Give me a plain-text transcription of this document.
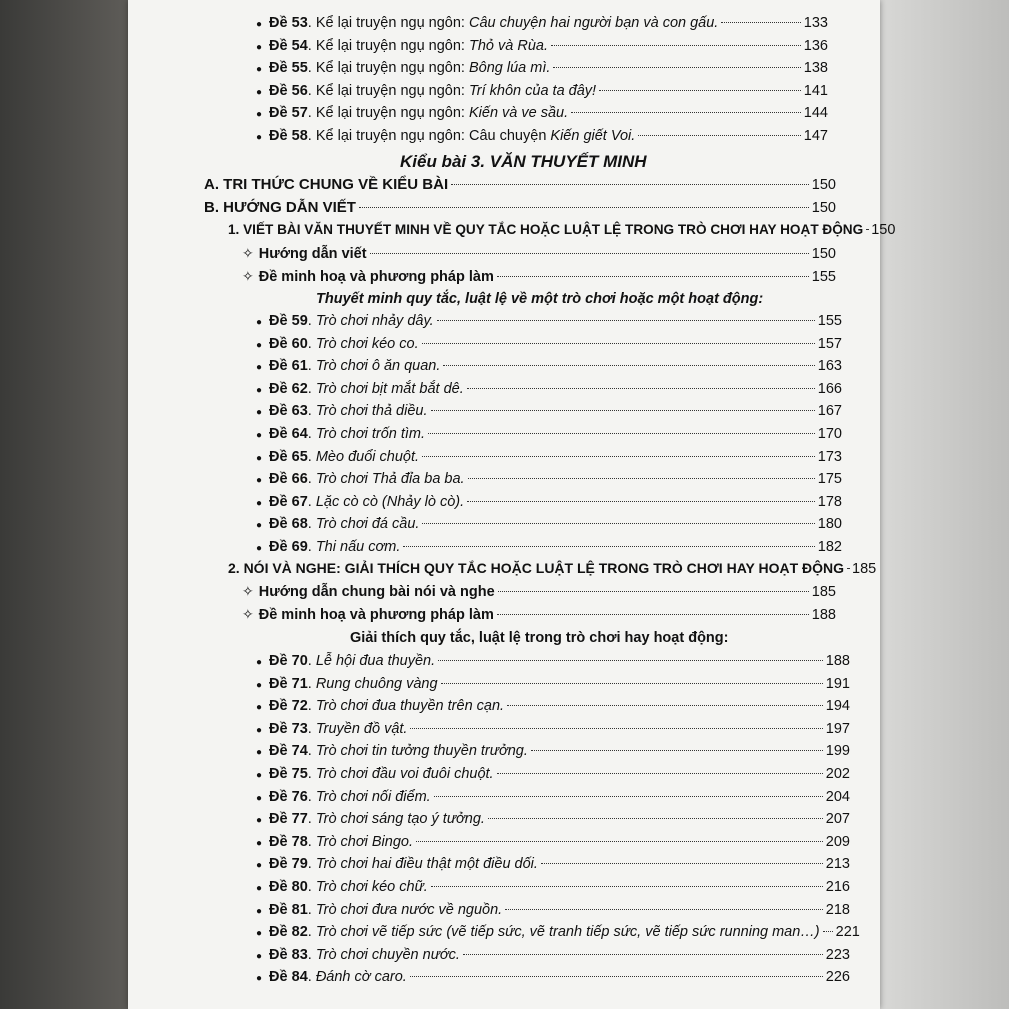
● Đề 53. Kể lại truyện ngụ ngôn: Câu chuyện hai người bạn và con gấu.	133
● Đề 54. Kể lại truyện ngụ ngôn: Thỏ và Rùa.	136
● Đề 55. Kể lại truyện ngụ ngôn: Bông lúa mì.	138
● Đề 56. Kể lại truyện ngụ ngôn: Trí khôn của ta đây!	141
● Đề 57. Kể lại truyện ngụ ngôn: Kiến và ve sầu.	144
● Đề 58. Kể lại truyện ngụ ngôn: Câu chuyện Kiến giết Voi.	147
Kiểu bài 3. VĂN THUYẾT MINH
A. TRI THỨC CHUNG VỀ KIỂU BÀI	150
B. HƯỚNG DẪN VIẾT	150
1. VIẾT BÀI VĂN THUYẾT MINH VỀ QUY TẮC HOẶC LUẬT LỆ TRONG TRÒ CHƠI HAY HOẠT ĐỘNG 150
✧ Hướng dẫn viết	150
✧ Đề minh hoạ và phương pháp làm	155
Thuyết minh quy tắc, luật lệ về một trò chơi hoặc một hoạt động:
● Đề 59. Trò chơi nhảy dây.	155
● Đề 60. Trò chơi kéo co.	157
● Đề 61. Trò chơi ô ăn quan.	163
● Đề 62. Trò chơi bịt mắt bắt dê.	166
● Đề 63. Trò chơi thả diều.	167
● Đề 64. Trò chơi trốn tìm.	170
● Đề 65. Mèo đuổi chuột.	173
● Đề 66. Trò chơi Thả đỉa ba ba.	175
● Đề 67. Lặc cò cò (Nhảy lò cò).	178
● Đề 68. Trò chơi đá cầu.	180
● Đề 69. Thi nấu cơm.	182
2. NÓI VÀ NGHE: GIẢI THÍCH QUY TẮC HOẶC LUẬT LỆ TRONG TRÒ CHƠI HAY HOẠT ĐỘNG 185
✧ Hướng dẫn chung bài nói và nghe	185
✧ Đề minh hoạ và phương pháp làm	188
Giải thích quy tắc, luật lệ trong trò chơi hay hoạt động:
● Đề 70. Lễ hội đua thuyền.	188
● Đề 71. Rung chuông vàng	191
● Đề 72. Trò chơi đua thuyền trên cạn.	194
● Đề 73. Truyền đồ vật.	197
● Đề 74. Trò chơi tin tưởng thuyền trưởng.	199
● Đề 75. Trò chơi đầu voi đuôi chuột.	202
● Đề 76. Trò chơi nối điểm.	204
● Đề 77. Trò chơi sáng tạo ý tưởng.	207
● Đề 78. Trò chơi Bingo.	209
● Đề 79. Trò chơi hai điều thật một điều dối.	213
● Đề 80. Trò chơi kéo chữ.	216
● Đề 81. Trò chơi đưa nước về nguồn.	218
● Đề 82. Trò chơi vẽ tiếp sức (vẽ tiếp sức, vẽ tranh tiếp sức, vẽ tiếp sức running man…) 221
● Đề 83. Trò chơi chuyền nước.	223
● Đề 84. Đánh cờ caro.	226
